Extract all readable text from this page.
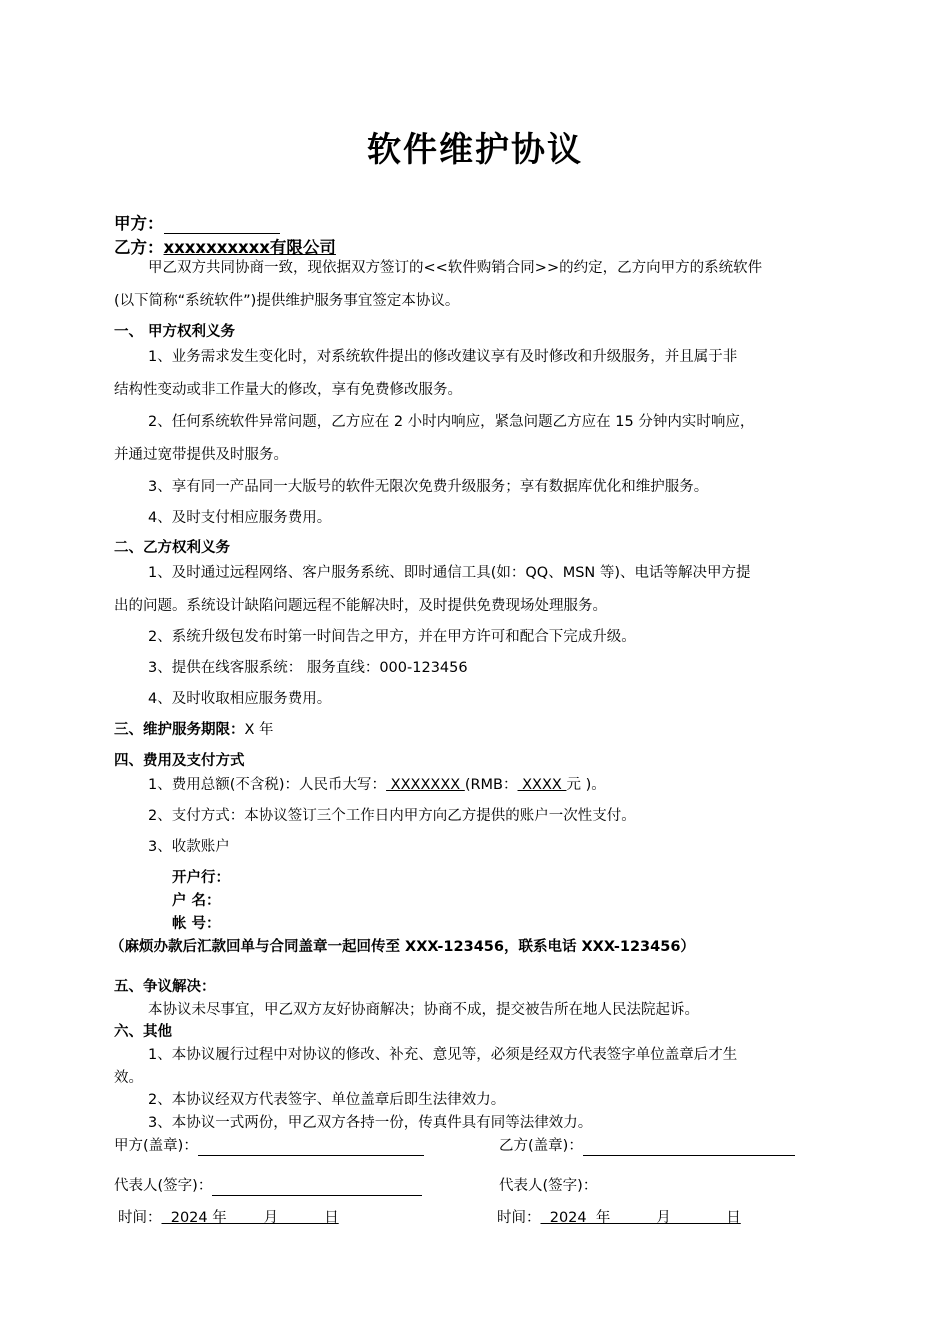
软件维护协议
甲方：
乙方：xxxxxxxxxx有限公司
甲乙双方共同协商一致，现依据双方签订的<<软件购销合同>>的约定，乙方向甲方的系统软件
(以下简称“系统软件”)提供维护服务事宜签定本协议。
一、 甲方权利义务
1、业务需求发生变化时，对系统软件提出的修改建议享有及时修改和升级服务，并且属于非
结构性变动或非工作量大的修改，享有免费修改服务。
2、任何系统软件异常问题，乙方应在 2 小时内响应，紧急问题乙方应在 15 分钟内实时响应，
并通过宽带提供及时服务。
3、享有同一产品同一大版号的软件无限次免费升级服务；享有数据库优化和维护服务。
4、及时支付相应服务费用。
二、乙方权利义务
1、及时通过远程网络、客户服务系统、即时通信工具(如：QQ、MSN 等)、电话等解决甲方提
出的问题。系统设计缺陷问题远程不能解决时，及时提供免费现场处理服务。
2、系统升级包发布时第一时间告之甲方，并在甲方许可和配合下完成升级。
3、提供在线客服系统： 服务直线：000-123456
4、及时收取相应服务费用。
三、维护服务期限：X 年
四、费用及支付方式
1、费用总额(不含税)：人民币大写： XXXXXXX (RMB： XXXX 元 )。
2、支付方式：本协议签订三个工作日内甲方向乙方提供的账户一次性支付。
3、收款账户
开户行：
户 名：
帐 号：
（麻烦办款后汇款回单与合同盖章一起回传至 XXX-123456，联系电话 XXX-123456）
五、争议解决：
本协议未尽事宜，甲乙双方友好协商解决；协商不成，提交被告所在地人民法院起诉。
六、其他
1、本协议履行过程中对协议的修改、补充、意见等，必须是经双方代表签字单位盖章后才生
效。
2、本协议经双方代表签字、单位盖章后即生法律效力。
3、本协议一式两份，甲乙双方各持一份，传真件具有同等法律效力。
甲方(盖章)：	乙方(盖章)：
代表人(签字)：	代表人(签字)：
时间：  2024 年        月          日	时间：  2024  年          月            日
